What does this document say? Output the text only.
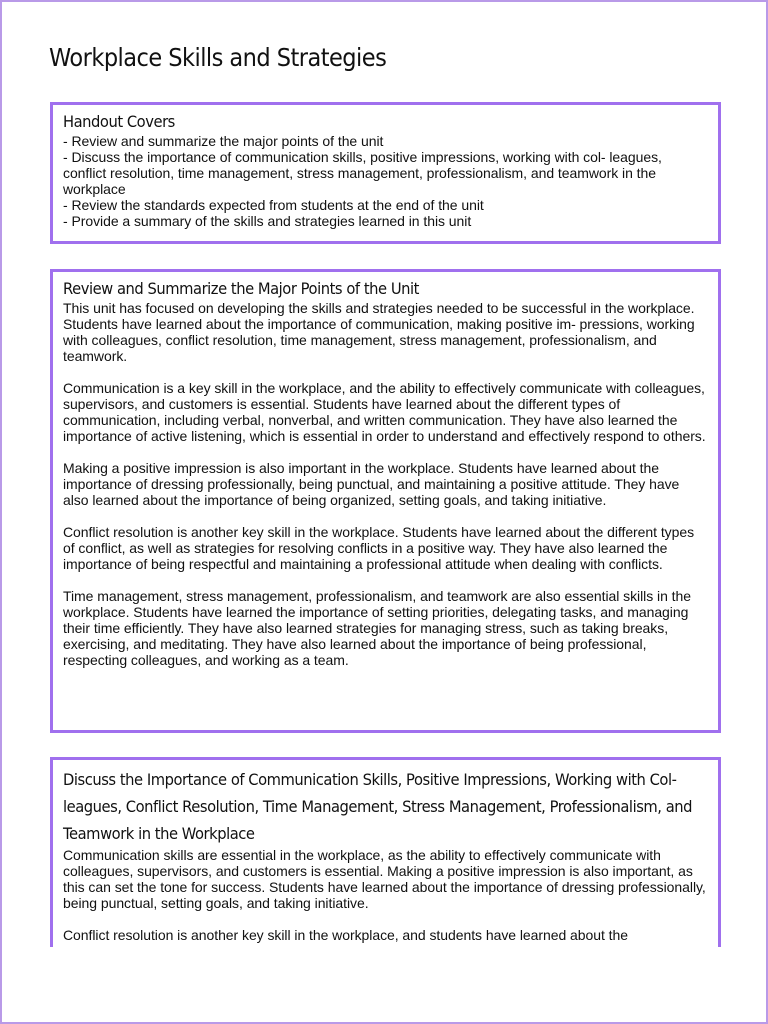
Workplace Skills and Strategies
Handout Covers
- Review and summarize the major points of the unit
- Discuss the importance of communication skills, positive impressions, working with col- leagues, conflict resolution, time management, stress management, professionalism, and teamwork in the workplace
- Review the standards expected from students at the end of the unit
- Provide a summary of the skills and strategies learned in this unit
Review and Summarize the Major Points of the Unit

This unit has focused on developing the skills and strategies needed to be successful in the workplace. Students have learned about the importance of communication, making positive im- pressions, working with colleagues, conflict resolution, time management, stress management, professionalism, and teamwork.

Communication is a key skill in the workplace, and the ability to effectively communicate with colleagues, supervisors, and customers is essential. Students have learned about the different types of communication, including verbal, nonverbal, and written communication. They have also learned the importance of active listening, which is essential in order to understand and effectively respond to others.

Making a positive impression is also important in the workplace. Students have learned about the importance of dressing professionally, being punctual, and maintaining a positive attitude. They have also learned about the importance of being organized, setting goals, and taking initiative.

Conflict resolution is another key skill in the workplace. Students have learned about the different types of conflict, as well as strategies for resolving conflicts in a positive way. They have also learned the importance of being respectful and maintaining a professional attitude when dealing with conflicts.

Time management, stress management, professionalism, and teamwork are also essential skills in the workplace. Students have learned the importance of setting priorities, delegating tasks, and managing their time efficiently. They have also learned strategies for managing stress, such as taking breaks, exercising, and meditating. They have also learned about the importance of being professional, respecting colleagues, and working as a team.

Discuss the Importance of Communication Skills, Positive Impressions, Working with Col- leagues, Conflict Resolution, Time Management, Stress Management, Professionalism, and Teamwork in the Workplace

Communication skills are essential in the workplace, as the ability to effectively communicate with colleagues, supervisors, and customers is essential. Making a positive impression is also important, as this can set the tone for success. Students have learned about the importance of dressing professionally, being punctual, setting goals, and taking initiative.

Conflict resolution is another key skill in the workplace, and students have learned about the
